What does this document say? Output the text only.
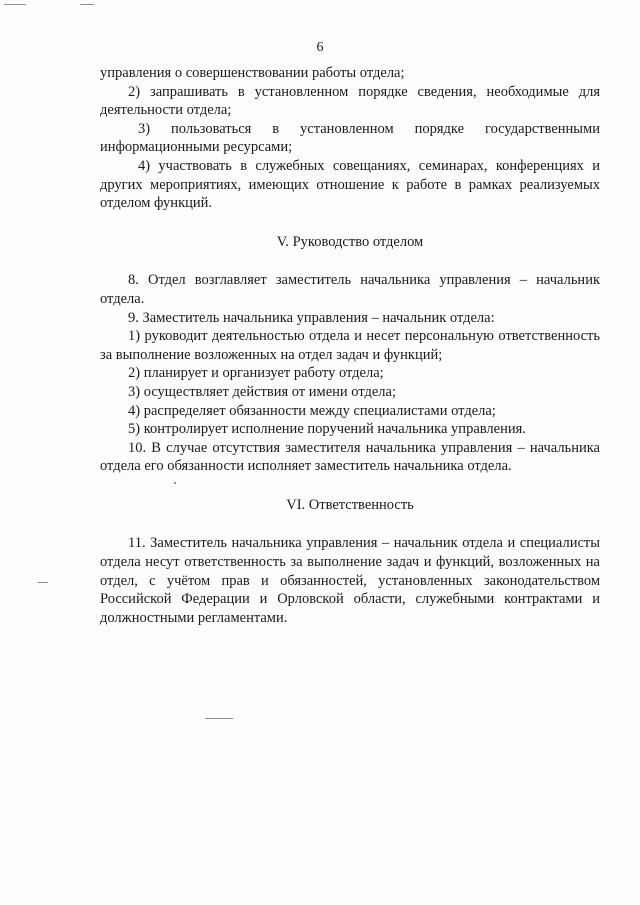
6

управления о совершенствовании работы отдела;

2) запрашивать в установленном порядке сведения, необходимые для деятельности отдела;

3) пользоваться в установленном порядке государственными информационными ресурсами;

4) участвовать в служебных совещаниях, семинарах, конференциях и других мероприятиях, имеющих отношение к работе в рамках реализуемых отделом функций.

V. Руководство отделом

8. Отдел возглавляет заместитель начальника управления – начальник отдела.

9. Заместитель начальника управления – начальник отдела:

1) руководит деятельностью отдела и несет персональную ответственность за выполнение возложенных на отдел задач и функций;

2) планирует и организует работу отдела;

3) осуществляет действия от имени отдела;

4) распределяет обязанности между специалистами отдела;

5) контролирует исполнение поручений начальника управления.

10. В случае отсутствия заместителя начальника управления – начальника отдела его обязанности исполняет заместитель начальника отдела.

VI. Ответственность

11. Заместитель начальника управления – начальник отдела и специалисты отдела несут ответственность за выполнение задач и функций, возложенных на отдел, с учётом прав и обязанностей, установленных законодательством Российской Федерации и Орловской области, служебными контрактами и должностными регламентами.
